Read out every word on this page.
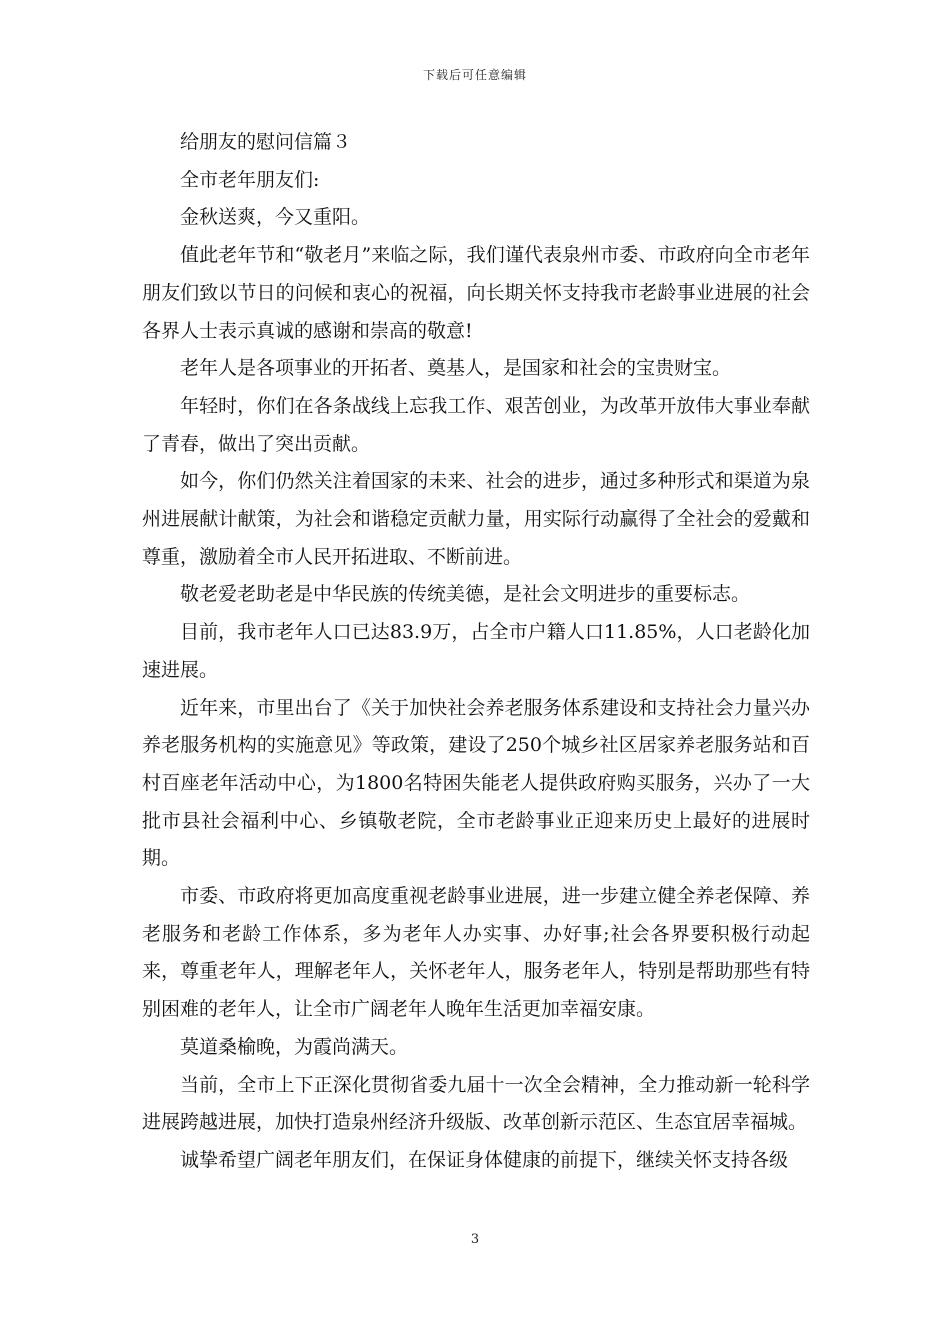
下载后可任意编辑

给朋友的慰问信篇３

全市老年朋友们:

金秋送爽，今又重阳。

值此老年节和“敬老月”来临之际，我们谨代表泉州市委、市政府向全市老年朋友们致以节日的问候和衷心的祝福，向长期关怀支持我市老龄事业进展的社会各界人士表示真诚的感谢和崇高的敬意!

老年人是各项事业的开拓者、奠基人，是国家和社会的宝贵财宝。

年轻时，你们在各条战线上忘我工作、艰苦创业，为改革开放伟大事业奉献了青春，做出了突出贡献。

如今，你们仍然关注着国家的未来、社会的进步，通过多种形式和渠道为泉州进展献计献策，为社会和谐稳定贡献力量，用实际行动赢得了全社会的爱戴和尊重，激励着全市人民开拓进取、不断前进。

敬老爱老助老是中华民族的传统美德，是社会文明进步的重要标志。

目前，我市老年人口已达83.9万，占全市户籍人口11.85%，人口老龄化加速进展。

近年来，市里出台了《关于加快社会养老服务体系建设和支持社会力量兴办养老服务机构的实施意见》等政策，建设了250个城乡社区居家养老服务站和百村百座老年活动中心，为1800名特困失能老人提供政府购买服务，兴办了一大批市县社会福利中心、乡镇敬老院，全市老龄事业正迎来历史上最好的进展时期。

市委、市政府将更加高度重视老龄事业进展，进一步建立健全养老保障、养老服务和老龄工作体系，多为老年人办实事、办好事;社会各界要积极行动起来，尊重老年人，理解老年人，关怀老年人，服务老年人，特别是帮助那些有特别困难的老年人，让全市广阔老年人晚年生活更加幸福安康。

莫道桑榆晚，为霞尚满天。

当前，全市上下正深化贯彻省委九届十一次全会精神，全力推动新一轮科学进展跨越进展，加快打造泉州经济升级版、改革创新示范区、生态宜居幸福城。

诚挚希望广阔老年朋友们，在保证身体健康的前提下，继续关怀支持各级

3
